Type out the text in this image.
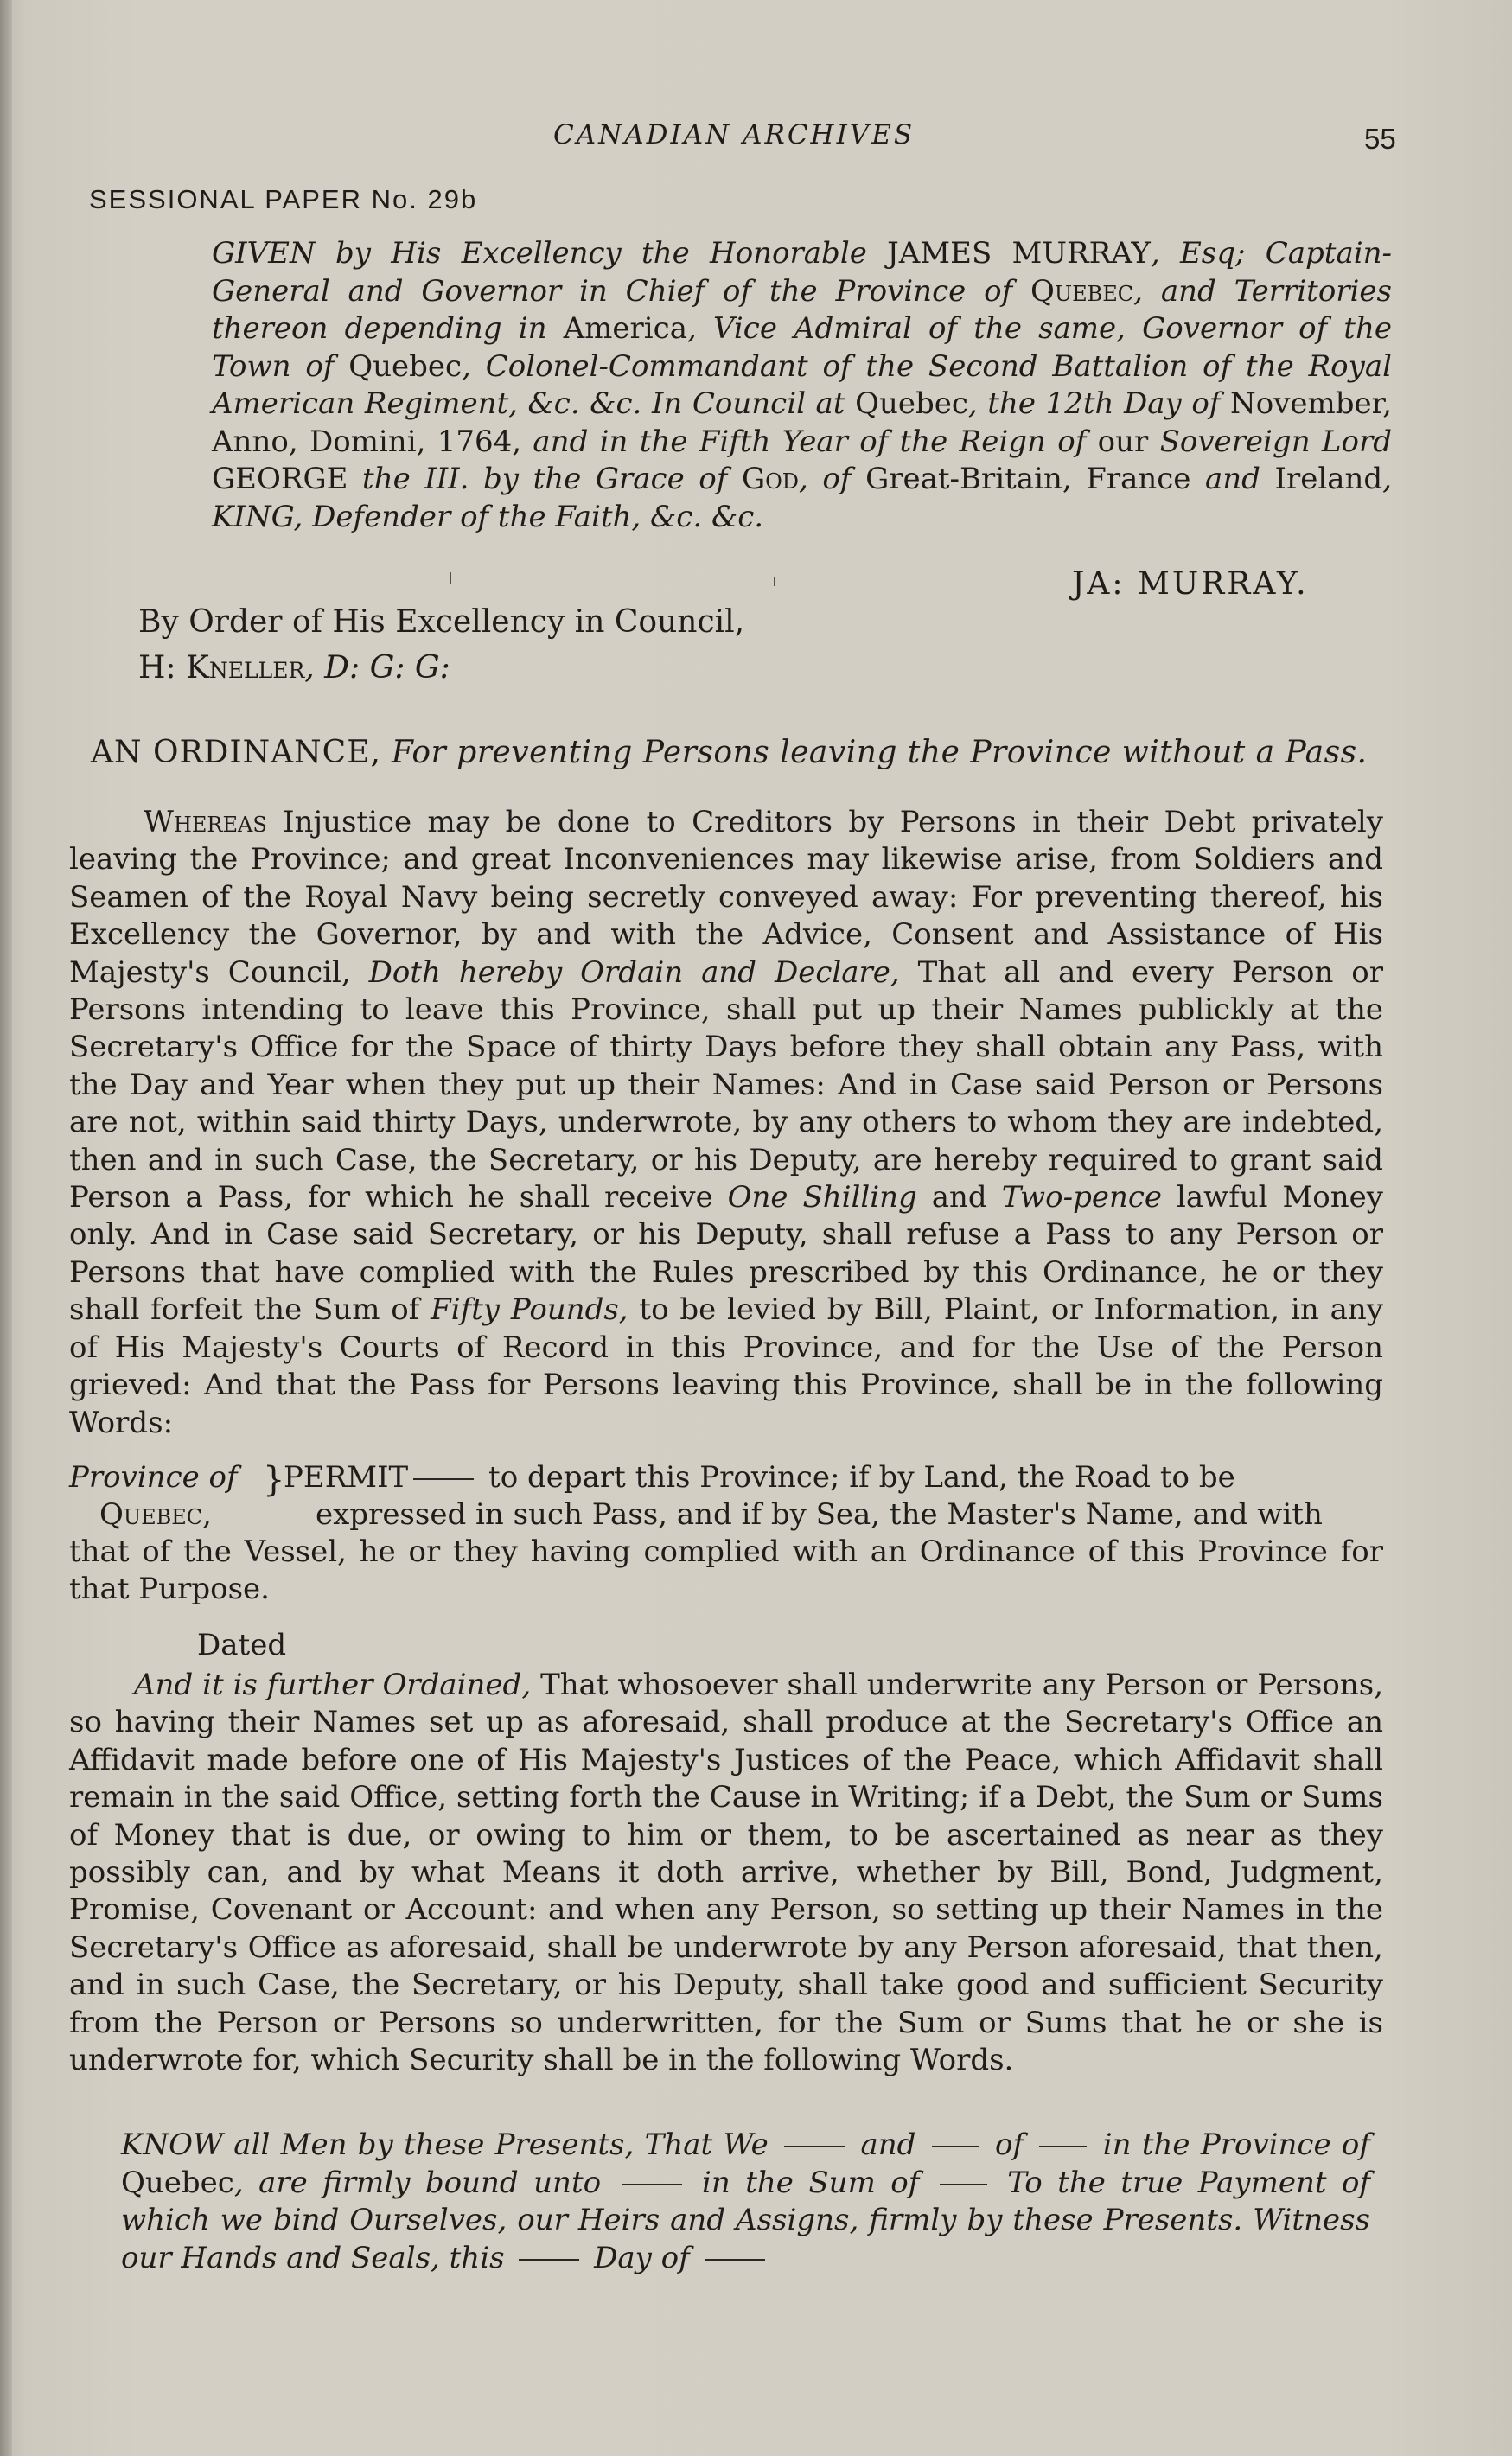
CANADIAN ARCHIVES	55
SESSIONAL PAPER No. 29b
GIVEN by His Excellency the Honorable JAMES MURRAY, Esq; Captain-General and Governor in Chief of the Province of Quebec, and Territories thereon depending in America, Vice Admiral of the same, Governor of the Town of Quebec, Colonel-Commandant of the Second Battalion of the Royal American Regiment, &c. &c. In Council at Quebec, the 12th Day of November, Anno, Domini, 1764, and in the Fifth Year of the Reign of our Sovereign Lord GEORGE the III. by the Grace of God, of Great-Britain, France and Ireland, KING, Defender of the Faith, &c. &c.
JA: MURRAY.
By Order of His Excellency in Council,
H: Kneller, D: G: G:
AN ORDINANCE, For preventing Persons leaving the Province without a Pass.
Whereas Injustice may be done to Creditors by Persons in their Debt privately leaving the Province; and great Inconveniences may likewise arise, from Soldiers and Seamen of the Royal Navy being secretly conveyed away: For preventing thereof, his Excellency the Governor, by and with the Advice, Consent and Assistance of His Majesty's Council, Doth hereby Ordain and Declare, That all and every Person or Persons intending to leave this Province, shall put up their Names publickly at the Secretary's Office for the Space of thirty Days before they shall obtain any Pass, with the Day and Year when they put up their Names: And in Case said Person or Persons are not, within said thirty Days, underwrote, by any others to whom they are indebted, then and in such Case, the Secretary, or his Deputy, are hereby required to grant said Person a Pass, for which he shall receive One Shilling and Two-pence lawful Money only. And in Case said Secretary, or his Deputy, shall refuse a Pass to any Person or Persons that have complied with the Rules prescribed by this Ordinance, he or they shall forfeit the Sum of Fifty Pounds, to be levied by Bill, Plaint, or Information, in any of His Majesty's Courts of Record in this Province, and for the Use of the Person grieved: And that the Pass for Persons leaving this Province, shall be in the following Words:
Province of PERMIT to depart this Province; if by Land, the Road to be
}
Quebec,	expressed in such Pass, and if by Sea, the Master's Name, and with
that of the Vessel, he or they having complied with an Ordinance of this Province for that Purpose.
Dated
And it is further Ordained, That whosoever shall underwrite any Person or Persons, so having their Names set up as aforesaid, shall produce at the Secretary's Office an Affidavit made before one of His Majesty's Justices of the Peace, which Affidavit shall remain in the said Office, setting forth the Cause in Writing; if a Debt, the Sum or Sums of Money that is due, or owing to him or them, to be ascertained as near as they possibly can, and by what Means it doth arrive, whether by Bill, Bond, Judgment, Promise, Covenant or Account: and when any Person, so setting up their Names in the Secretary's Office as aforesaid, shall be underwrote by any Person aforesaid, that then, and in such Case, the Secretary, or his Deputy, shall take good and sufficient Security from the Person or Persons so underwritten, for the Sum or Sums that he or she is underwrote for, which Security shall be in the following Words.
KNOW all Men by these Presents, That We	and	of	in the Province of Quebec, are firmly bound unto	in the Sum of	To the true Payment of which we bind Ourselves, our Heirs and Assigns, firmly by these Presents. Witness our Hands and Seals, this	Day of
